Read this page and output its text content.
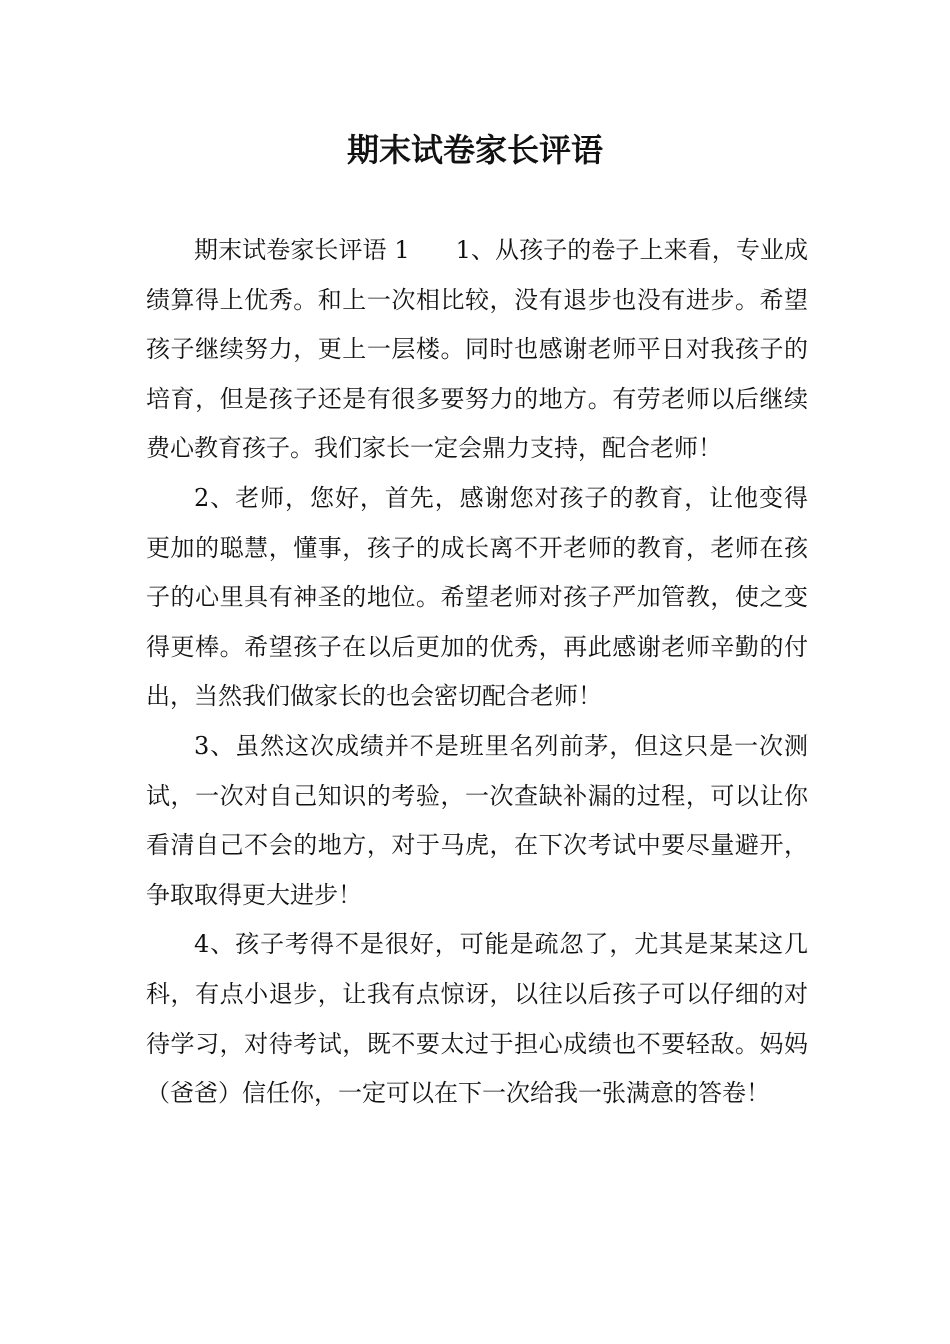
期末试卷家长评语

期末试卷家长评语 1 1、从孩子的卷子上来看，专业成绩算得上优秀。和上一次相比较，没有退步也没有进步。希望孩子继续努力，更上一层楼。同时也感谢老师平日对我孩子的培育，但是孩子还是有很多要努力的地方。有劳老师以后继续费心教育孩子。我们家长一定会鼎力支持，配合老师！

2、老师，您好，首先，感谢您对孩子的教育，让他变得更加的聪慧，懂事，孩子的成长离不开老师的教育，老师在孩子的心里具有神圣的地位。希望老师对孩子严加管教，使之变得更棒。希望孩子在以后更加的优秀，再此感谢老师辛勤的付出，当然我们做家长的也会密切配合老师！

3、虽然这次成绩并不是班里名列前茅，但这只是一次测试，一次对自己知识的考验，一次查缺补漏的过程，可以让你看清自己不会的地方，对于马虎，在下次考试中要尽量避开，争取取得更大进步！

4、孩子考得不是很好，可能是疏忽了，尤其是某某这几科，有点小退步，让我有点惊讶，以往以后孩子可以仔细的对待学习，对待考试，既不要太过于担心成绩也不要轻敌。妈妈（爸爸）信任你，一定可以在下一次给我一张满意的答卷！
